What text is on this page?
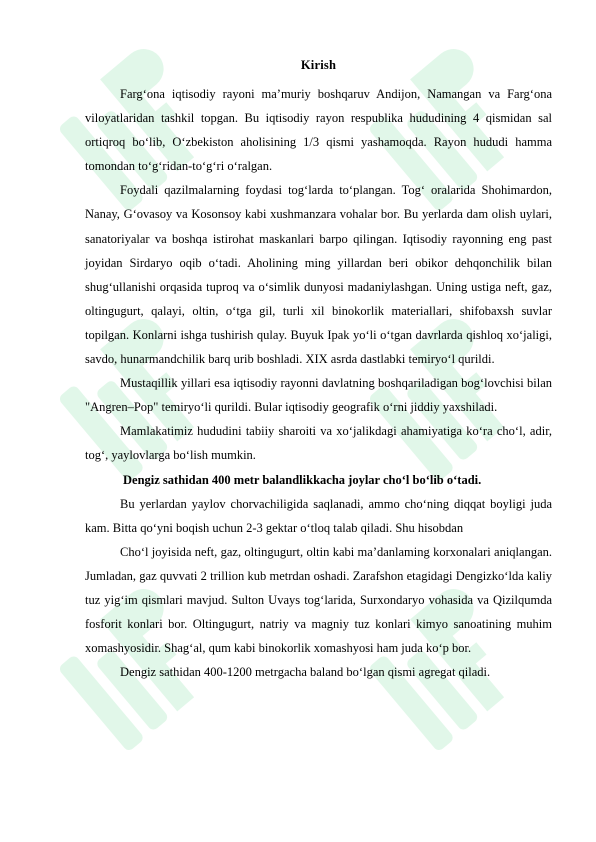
Kirish

Farg‘ona iqtisodiy rayoni ma’muriy boshqaruv Andijon, Namangan va Farg‘ona viloyatlaridan tashkil topgan. Bu iqtisodiy rayon respublika hududining 4 qismidan sal ortiqroq bo‘lib, O‘zbekiston aholisining 1/3 qismi yashamoqda. Rayon hududi hamma tomondan to‘g‘ridan-to‘g‘ri o‘ralgan.

Foydali qazilmalarning foydasi tog‘larda to‘plangan. Tog‘ oralarida Shohimardon, Nanay, G‘ovasoy va Kosonsoy kabi xushmanzara vohalar bor. Bu yerlarda dam olish uylari, sanatoriyalar va boshqa istirohat maskanlari barpo qilingan. Iqtisodiy rayonning eng past joyidan Sirdaryo oqib o‘tadi. Aholining ming yillardan beri obikor dehqonchilik bilan shug‘ullanishi orqasida tuproq va o‘simlik dunyosi madaniylashgan. Uning ustiga neft, gaz, oltingugurt, qalayi, oltin, o‘tga gil, turli xil binokorlik materiallari, shifobaxsh suvlar topilgan. Konlarni ishga tushirish qulay. Buyuk Ipak yo‘li o‘tgan davrlarda qishloq xo‘jaligi, savdo, hunarmandchilik barq urib boshladi. XIX asrda dastlabki temiryo‘l qurildi.

Mustaqillik yillari esa iqtisodiy rayonni davlatning boshqariladigan bog‘lovchisi bilan "Angren–Pop" temiryo‘li qurildi. Bular iqtisodiy geografik o‘rni jiddiy yaxshiladi.

Mamlakatimiz hududini tabiiy sharoiti va xo‘jalikdagi ahamiyatiga ko‘ra cho‘l, adir, tog‘, yaylovlarga bo‘lish mumkin.

Dengiz sathidan 400 metr balandlikkacha joylar cho‘l bo‘lib o‘tadi.

Bu yerlardan yaylov chorvachiligida saqlanadi, ammo cho‘ning diqqat boyligi juda kam. Bitta qo‘yni boqish uchun 2-3 gektar o‘tloq talab qiladi. Shu hisobdan

Cho‘l joyisida neft, gaz, oltingugurt, oltin kabi ma’danlaming korxonalari aniqlangan. Jumladan, gaz quvvati 2 trillion kub metrdan oshadi. Zarafshon etagidagi Dengizko‘lda kaliy tuz yig‘im qismlari mavjud. Sulton Uvays tog‘larida, Surxondaryo vohasida va Qizilqumda fosforit konlari bor. Oltingugurt, natriy va magniy tuz konlari kimyo sanoatining muhim xomashyosidir. Shag‘al, qum kabi binokorlik xomashyosi ham juda ko‘p bor.

Dengiz sathidan 400-1200 metrgacha baland bo‘lgan qismi agregat qiladi.
